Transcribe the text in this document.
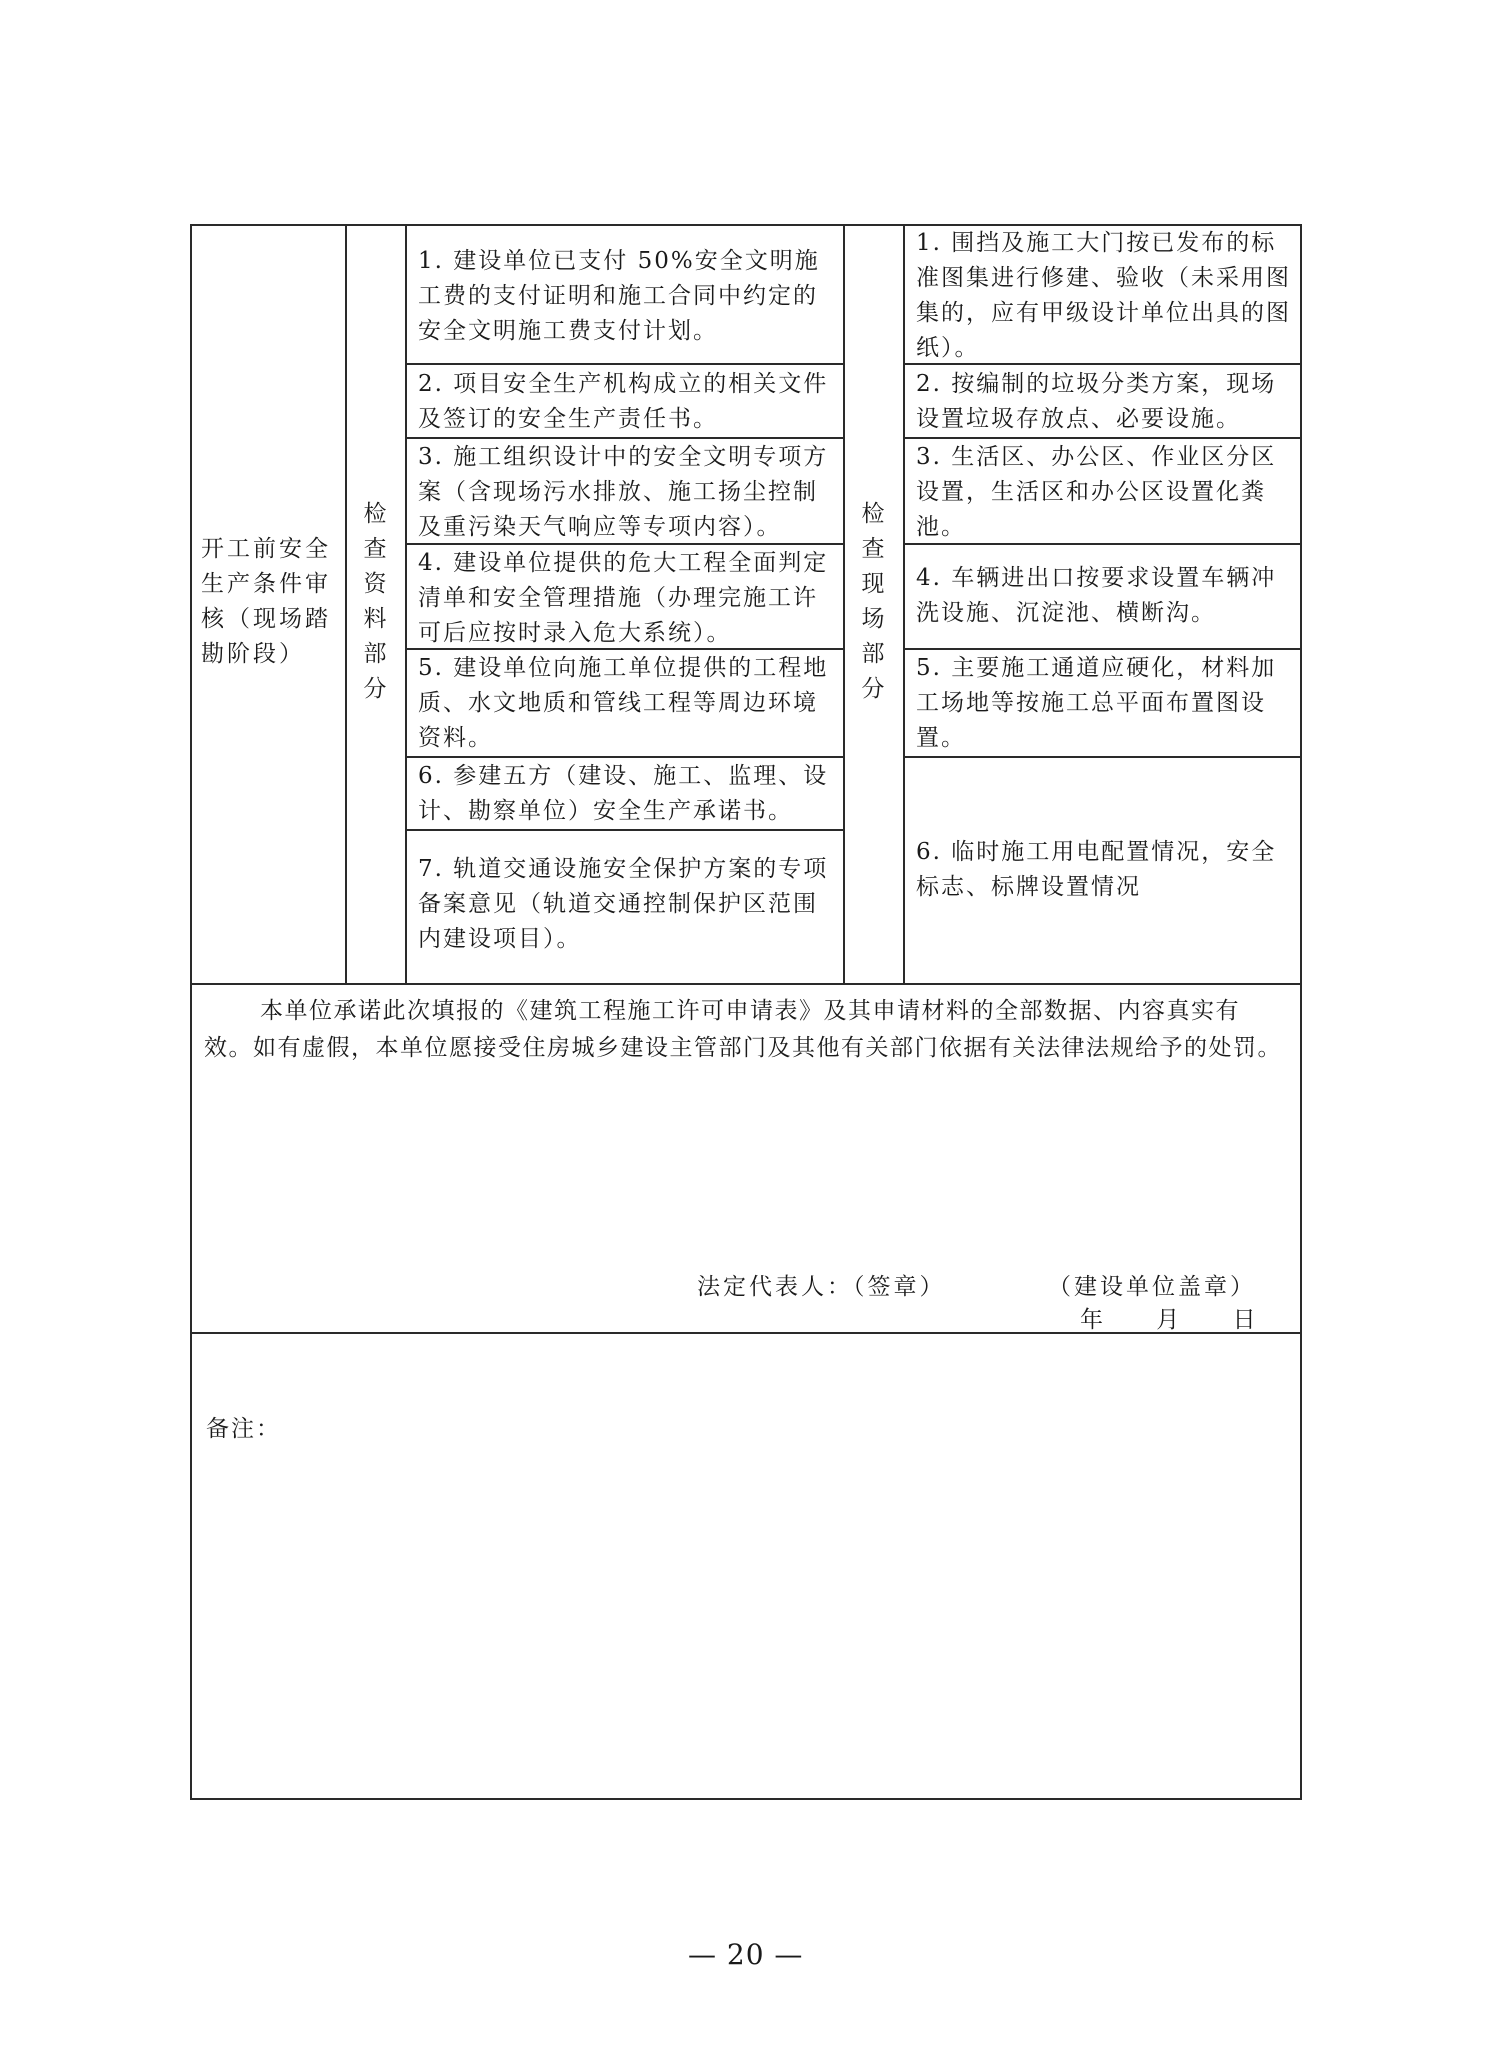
开工前安全生产条件审核（现场踏勘阶段）
检查资料部分
检查现场部分
1. 建设单位已支付 50%安全文明施工费的支付证明和施工合同中约定的安全文明施工费支付计划。
2. 项目安全生产机构成立的相关文件及签订的安全生产责任书。
3. 施工组织设计中的安全文明专项方案（含现场污水排放、施工扬尘控制及重污染天气响应等专项内容）。
4. 建设单位提供的危大工程全面判定清单和安全管理措施（办理完施工许可后应按时录入危大系统）。
5. 建设单位向施工单位提供的工程地质、水文地质和管线工程等周边环境资料。
6. 参建五方（建设、施工、监理、设计、勘察单位）安全生产承诺书。
7. 轨道交通设施安全保护方案的专项备案意见（轨道交通控制保护区范围内建设项目）。
1. 围挡及施工大门按已发布的标准图集进行修建、验收（未采用图集的，应有甲级设计单位出具的图纸）。
2. 按编制的垃圾分类方案，现场设置垃圾存放点、必要设施。
3. 生活区、办公区、作业区分区设置，生活区和办公区设置化粪池。
4. 车辆进出口按要求设置车辆冲洗设施、沉淀池、横断沟。
5. 主要施工通道应硬化，材料加工场地等按施工总平面布置图设置。
6. 临时施工用电配置情况，安全标志、标牌设置情况
本单位承诺此次填报的《建筑工程施工许可申请表》及其申请材料的全部数据、内容真实有效。如有虚假，本单位愿接受住房城乡建设主管部门及其他有关部门依据有关法律法规给予的处罚。
法定代表人：（签章）	（建设单位盖章）
年 月 日
备注：
— 20 —
